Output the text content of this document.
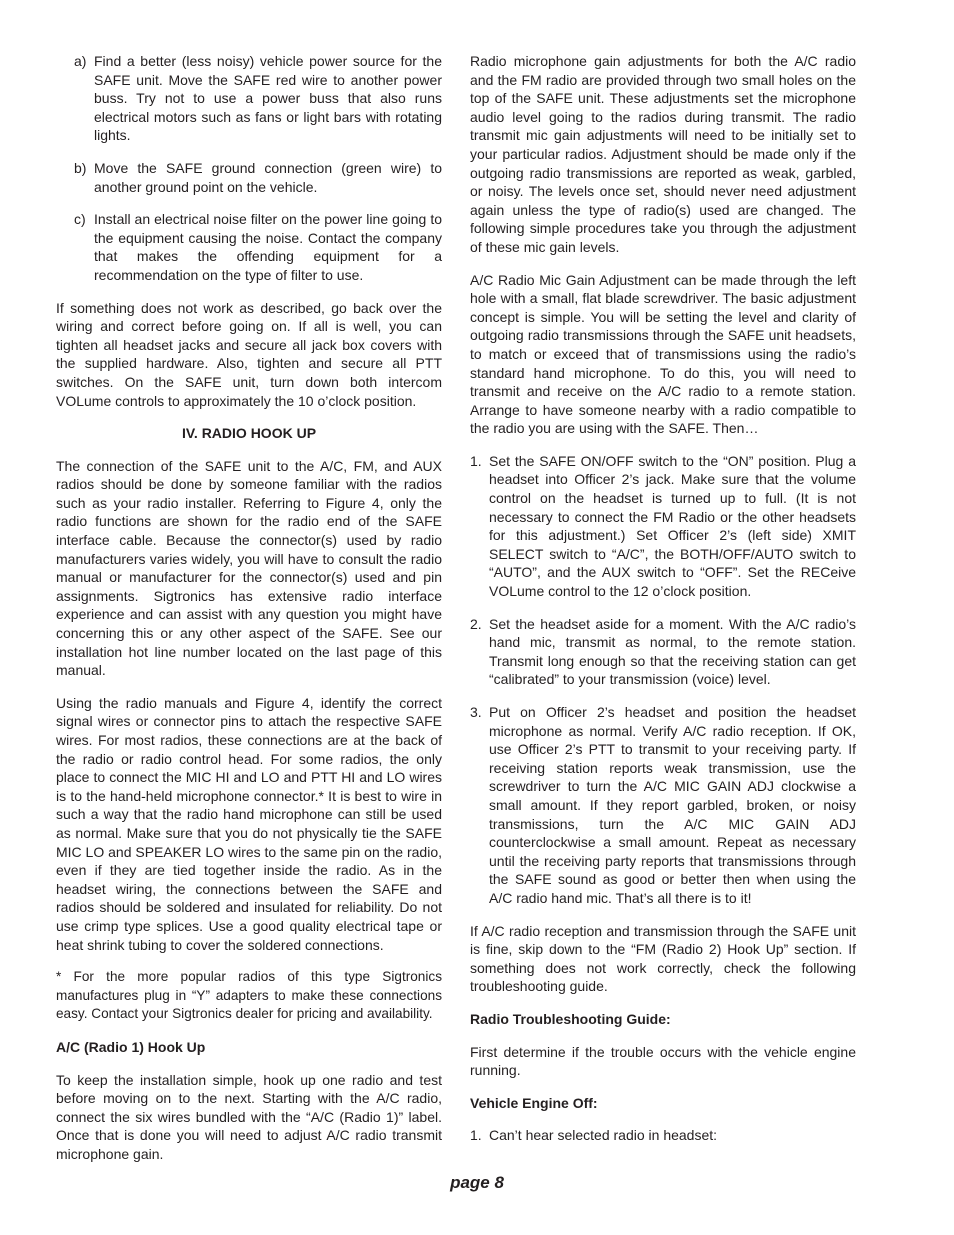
a) Find a better (less noisy) vehicle power source for the SAFE unit. Move the SAFE red wire to another power buss. Try not to use a power buss that also runs electrical motors such as fans or light bars with rotating lights.
b) Move the SAFE ground connection (green wire) to another ground point on the vehicle.
c) Install an electrical noise filter on the power line going to the equipment causing the noise. Contact the company that makes the offending equipment for a recommendation on the type of filter to use.

If something does not work as described, go back over the wiring and correct before going on. If all is well, you can tighten all headset jacks and secure all jack box covers with the supplied hardware. Also, tighten and secure all PTT switches. On the SAFE unit, turn down both intercom VOLume controls to approximately the 10 o’clock position.

IV. RADIO HOOK UP

The connection of the SAFE unit to the A/C, FM, and AUX radios should be done by someone familiar with the radios such as your radio installer. Referring to Figure 4, only the radio functions are shown for the radio end of the SAFE interface cable. Because the connector(s) used by radio manufacturers varies widely, you will have to consult the radio manual or manufacturer for the connector(s) used and pin assignments. Sigtronics has extensive radio interface experience and can assist with any question you might have concerning this or any other aspect of the SAFE. See our installation hot line number located on the last page of this manual.

Using the radio manuals and Figure 4, identify the correct signal wires or connector pins to attach the respective SAFE wires. For most radios, these connections are at the back of the radio or radio control head. For some radios, the only place to connect the MIC HI and LO and PTT HI and LO wires is to the hand-held microphone connector.* It is best to wire in such a way that the radio hand microphone can still be used as normal. Make sure that you do not physically tie the SAFE MIC LO and SPEAKER LO wires to the same pin on the radio, even if they are tied together inside the radio. As in the headset wiring, the connections between the SAFE and radios should be soldered and insulated for reliability. Do not use crimp type splices. Use a good quality electrical tape or heat shrink tubing to cover the soldered connections.

* For the more popular radios of this type Sigtronics manufactures plug in “Y” adapters to make these connections easy. Contact your Sigtronics dealer for pricing and availability.

A/C (Radio 1) Hook Up

To keep the installation simple, hook up one radio and test before moving on to the next. Starting with the A/C radio, connect the six wires bundled with the “A/C (Radio 1)” label. Once that is done you will need to adjust A/C radio transmit microphone gain.

Radio microphone gain adjustments for both the A/C radio and the FM radio are provided through two small holes on the top of the SAFE unit. These adjustments set the microphone audio level going to the radios during transmit. The radio transmit mic gain adjustments will need to be initially set to your particular radios. Adjustment should be made only if the outgoing radio transmissions are reported as weak, garbled, or noisy. The levels once set, should never need adjustment again unless the type of radio(s) used are changed. The following simple procedures take you through the adjustment of these mic gain levels.

A/C Radio Mic Gain Adjustment can be made through the left hole with a small, flat blade screwdriver. The basic adjustment concept is simple. You will be setting the level and clarity of outgoing radio transmissions through the SAFE unit headsets, to match or exceed that of transmissions using the radio’s standard hand microphone. To do this, you will need to transmit and receive on the A/C radio to a remote station. Arrange to have someone nearby with a radio compatible to the radio you are using with the SAFE. Then…

1. Set the SAFE ON/OFF switch to the “ON” position. Plug a headset into Officer 2’s jack. Make sure that the volume control on the headset is turned up to full. (It is not necessary to connect the FM Radio or the other headsets for this adjustment.) Set Officer 2’s (left side) XMIT SELECT switch to “A/C”, the BOTH/OFF/AUTO switch to “AUTO”, and the AUX switch to “OFF”. Set the RECeive VOLume control to the 12 o’clock position.
2. Set the headset aside for a moment. With the A/C radio’s hand mic, transmit as normal, to the remote station. Transmit long enough so that the receiving station can get “calibrated” to your transmission (voice) level.
3. Put on Officer 2’s headset and position the headset microphone as normal. Verify A/C radio reception. If OK, use Officer 2’s PTT to transmit to your receiving party. If receiving station reports weak transmission, use the screwdriver to turn the A/C MIC GAIN ADJ clockwise a small amount. If they report garbled, broken, or noisy transmissions, turn the A/C MIC GAIN ADJ counterclockwise a small amount. Repeat as necessary until the receiving party reports that transmissions through the SAFE sound as good or better then when using the A/C radio hand mic. That’s all there is to it!

If A/C radio reception and transmission through the SAFE unit is fine, skip down to the “FM (Radio 2) Hook Up” section. If something does not work correctly, check the following troubleshooting guide.

Radio Troubleshooting Guide:

First determine if the trouble occurs with the vehicle engine running.

Vehicle Engine Off:
1. Can’t hear selected radio in headset:
page 8
